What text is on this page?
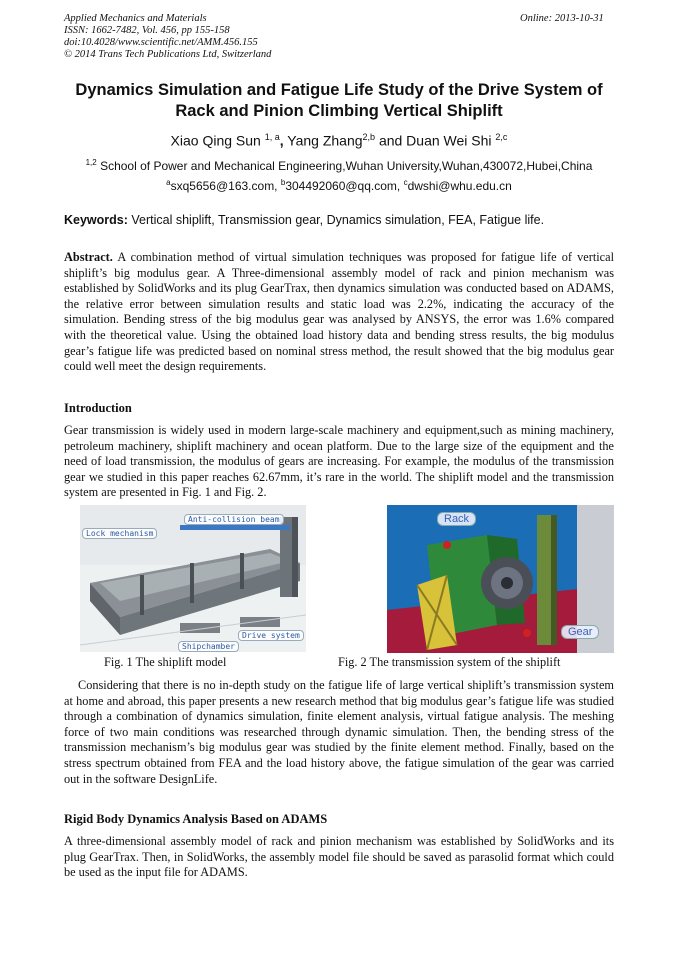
Applied Mechanics and Materials
ISSN: 1662-7482, Vol. 456, pp 155-158
doi:10.4028/www.scientific.net/AMM.456.155
© 2014 Trans Tech Publications Ltd, Switzerland
Online: 2013-10-31
Dynamics Simulation and Fatigue Life Study of the Drive System of Rack and Pinion Climbing Vertical Shiplift
Xiao Qing Sun $^{1, a}$, Yang Zhang$^{2,b}$ and Duan Wei Shi $^{2,c}$
$^{1,2}$ School of Power and Mechanical Engineering,Wuhan University,Wuhan,430072,Hubei,China
$^a$sxq5656@163.com, $^b$304492060@qq.com, $^c$dwshi@whu.edu.cn
Keywords: Vertical shiplift, Transmission gear, Dynamics simulation, FEA, Fatigue life.
Abstract. A combination method of virtual simulation techniques was proposed for fatigue life of vertical shiplift’s big modulus gear. A Three-dimensional assembly model of rack and pinion mechanism was established by SolidWorks and its plug GearTrax, then dynamics simulation was conducted based on ADAMS, the relative error between simulation results and static load was 2.2%, indicating the accuracy of the simulation. Bending stress of the big modulus gear was analysed by ANSYS, the error was 1.6% compared with the theoretical value. Using the obtained load history data and bending stress results, the big modulus gear’s fatigue life was predicted based on nominal stress method, the result showed that the big modulus gear could well meet the design requirements.
Introduction
Gear transmission is widely used in modern large-scale machinery and equipment,such as mining machinery, petroleum machinery, shiplift machinery and ocean platform. Due to the large size of the equipment and the need of load transmission, the modulus of gears are increasing. For example, the modulus of the transmission gear we studied in this paper reaches 62.67mm, it’s rare in the world. The shiplift model and the transmission system are presented in Fig. 1 and Fig. 2.
Anti-collision beam
Lock mechanism
Drive system
Shipchamber
Fig. 1 The shiplift model
Rack
Gear
Fig. 2 The transmission system of the shiplift
Considering that there is no in-depth study on the fatigue life of large vertical shiplift’s transmission system at home and abroad, this paper presents a new research method that big modulus gear’s fatigue life was studied through a combination of dynamics simulation, finite element analysis, virtual fatigue analysis. The meshing force of two main conditions was researched through dynamic simulation. Then, the bending stress of the transmission mechanism’s big modulus gear was studied by the finite element method. Finally, based on the stress spectrum obtained from FEA and the load history above, the fatigue simulation of the gear was carried out in the software DesignLife.
Rigid Body Dynamics Analysis Based on ADAMS
A three-dimensional assembly model of rack and pinion mechanism was established by SolidWorks and its plug GearTrax. Then, in SolidWorks, the assembly model file should be saved as parasolid format which could be used as the input file for ADAMS.
